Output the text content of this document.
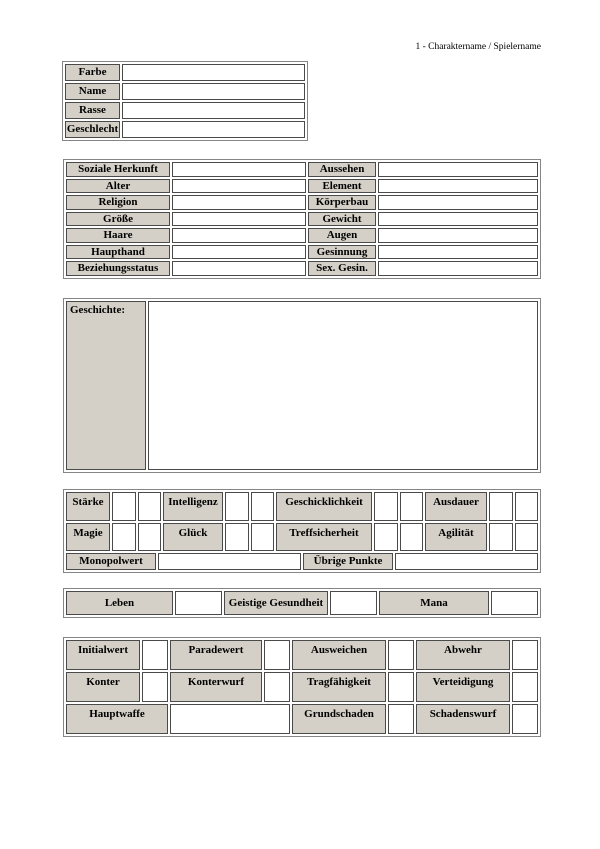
1 - Charaktername / Spielername
Farbe
Name
Rasse
Geschlecht
Soziale Herkunft	Aussehen
Alter	Element
Religion	Körperbau
Größe	Gewicht
Haare	Augen
Haupthand	Gesinnung
Beziehungsstatus	Sex. Gesin.
Geschichte:
Stärke	Intelligenz	Geschicklichkeit	Ausdauer
Magie	Glück	Treffsicherheit	Agilität
Monopolwert	Übrige Punkte
Leben	Geistige Gesundheit	Mana
Initialwert	Paradewert	Ausweichen	Abwehr
Konter	Konterwurf	Tragfähigkeit	Verteidigung
Hauptwaffe	Grundschaden	Schadenswurf
